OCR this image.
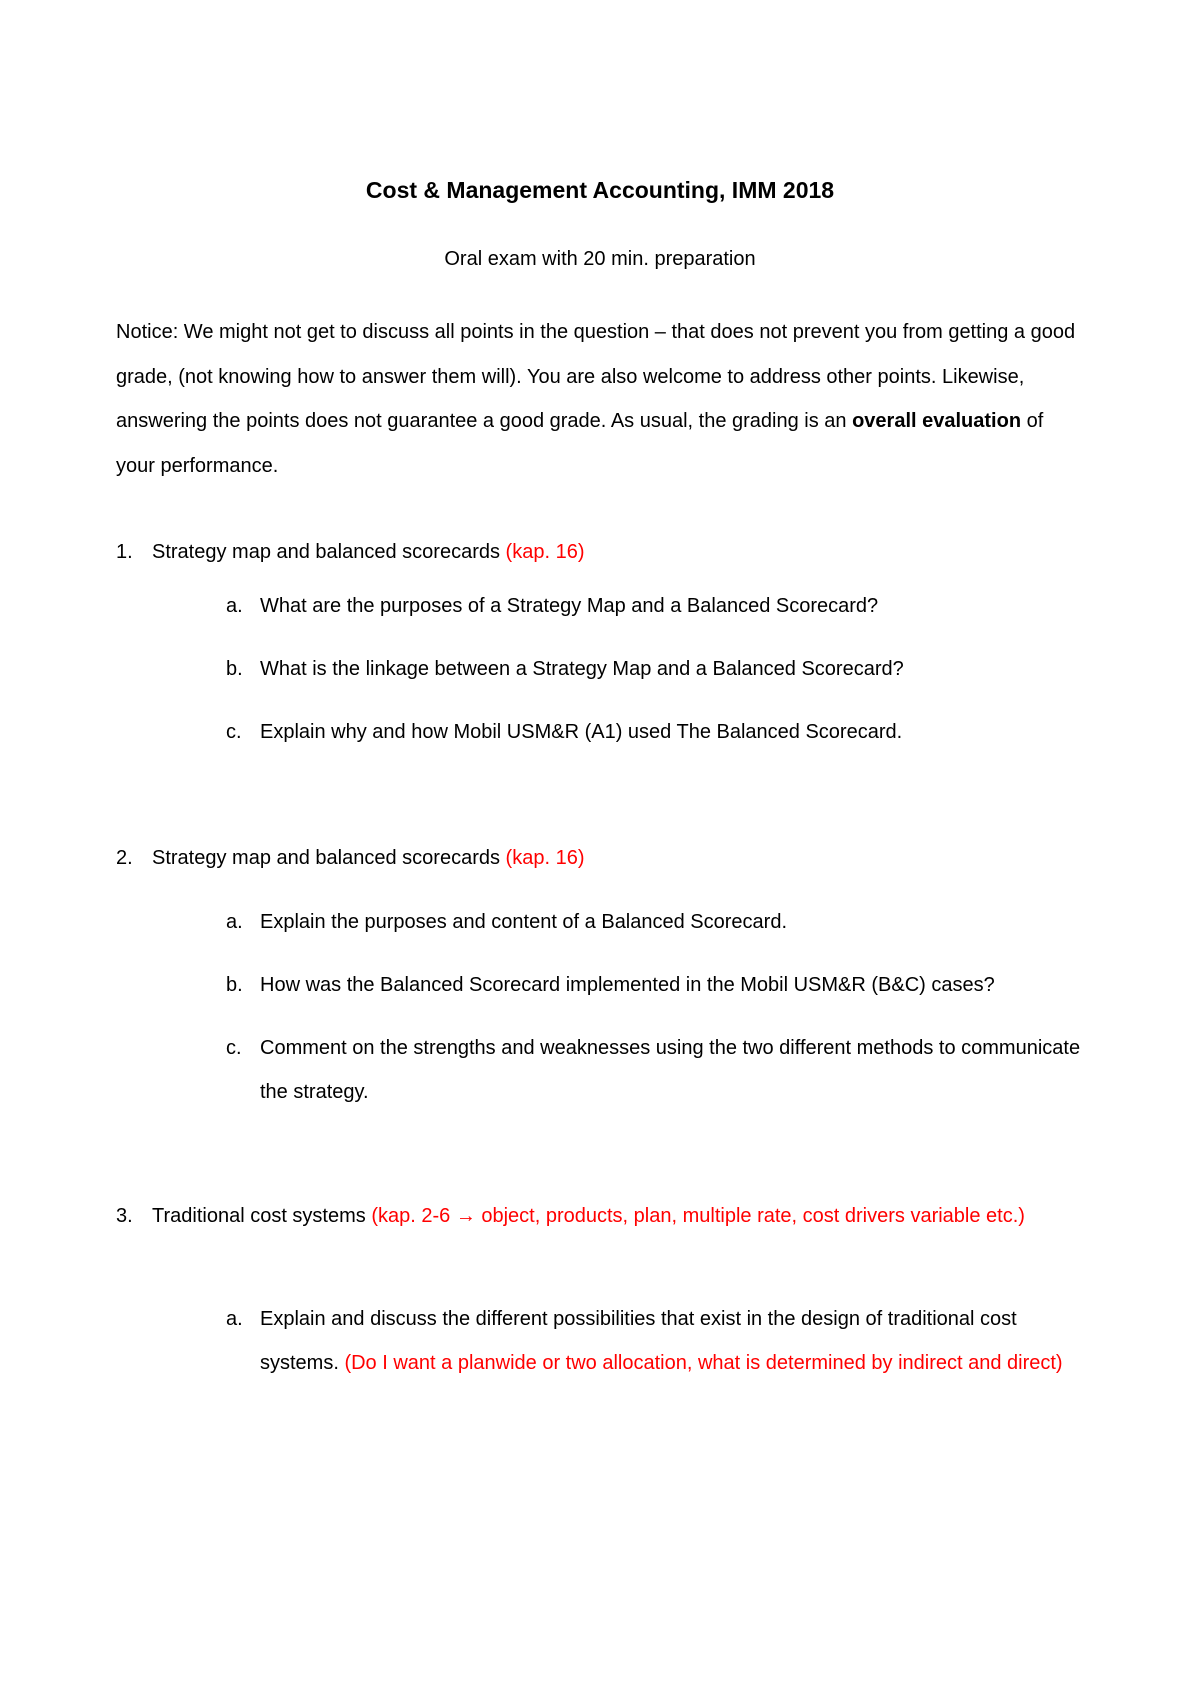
Cost & Management Accounting, IMM 2018
Oral exam with 20 min. preparation
Notice: We might not get to discuss all points in the question – that does not prevent you from getting a good grade, (not knowing how to answer them will). You are also welcome to address other points. Likewise, answering the points does not guarantee a good grade. As usual, the grading is an overall evaluation of your performance.
1. Strategy map and balanced scorecards (kap. 16)
a. What are the purposes of a Strategy Map and a Balanced Scorecard?
b. What is the linkage between a Strategy Map and a Balanced Scorecard?
c. Explain why and how Mobil USM&R (A1) used The Balanced Scorecard.
2. Strategy map and balanced scorecards (kap. 16)
a. Explain the purposes and content of a Balanced Scorecard.
b. How was the Balanced Scorecard implemented in the Mobil USM&R (B&C) cases?
c. Comment on the strengths and weaknesses using the two different methods to communicate the strategy.
3. Traditional cost systems (kap. 2-6 → object, products, plan, multiple rate, cost drivers variable etc.)
a. Explain and discuss the different possibilities that exist in the design of traditional cost systems. (Do I want a planwide or two allocation, what is determined by indirect and direct)
